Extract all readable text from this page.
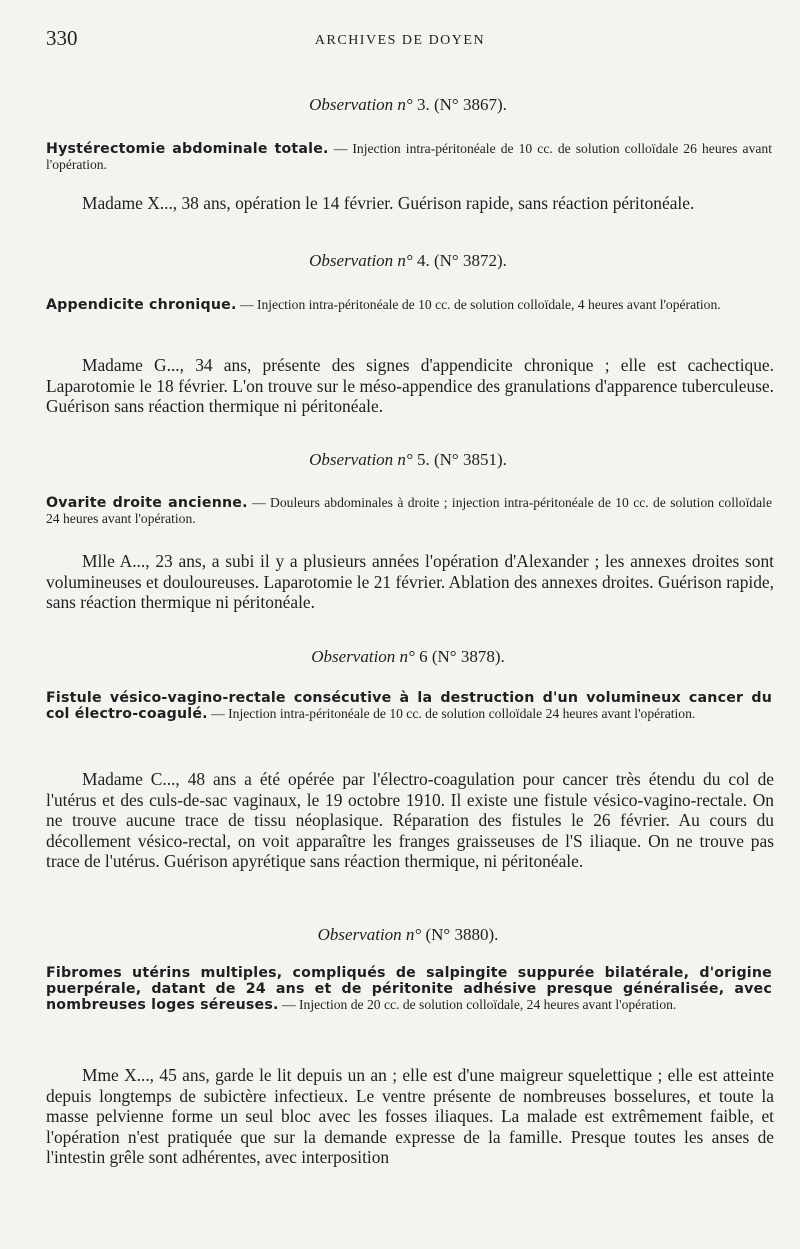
330	ARCHIVES DE DOYEN
Observation n° 3. (N° 3867).
Hystérectomie abdominale totale. — Injection intra-péritonéale de 10 cc. de solution colloïdale 26 heures avant l'opération.
Madame X..., 38 ans, opération le 14 février. Guérison rapide, sans réaction péritonéale.
Observation n° 4. (N° 3872).
Appendicite chronique. — Injection intra-péritonéale de 10 cc. de solution colloïdale, 4 heures avant l'opération.
Madame G..., 34 ans, présente des signes d'appendicite chronique ; elle est cachectique. Laparotomie le 18 février. L'on trouve sur le méso-appendice des granulations d'apparence tuberculeuse. Guérison sans réaction thermique ni péritonéale.
Observation n° 5. (N° 3851).
Ovarite droite ancienne. — Douleurs abdominales à droite ; injection intra-péritonéale de 10 cc. de solution colloïdale 24 heures avant l'opération.
Mlle A..., 23 ans, a subi il y a plusieurs années l'opération d'Alexander ; les annexes droites sont volumineuses et douloureuses. Laparotomie le 21 février. Ablation des annexes droites. Guérison rapide, sans réaction thermique ni péritonéale.
Observation n° 6 (N° 3878).
Fistule vésico-vagino-rectale consécutive à la destruction d'un volumineux cancer du col électro-coagulé. — Injection intra-péritonéale de 10 cc. de solution colloïdale 24 heures avant l'opération.
Madame C..., 48 ans a été opérée par l'électro-coagulation pour cancer très étendu du col de l'utérus et des culs-de-sac vaginaux, le 19 octobre 1910. Il existe une fistule vésico-vagino-rectale. On ne trouve aucune trace de tissu néoplasique. Réparation des fistules le 26 février. Au cours du décollement vésico-rectal, on voit apparaître les franges graisseuses de l'S iliaque. On ne trouve pas trace de l'utérus. Guérison apyrétique sans réaction thermique, ni péritonéale.
Observation n° (N° 3880).
Fibromes utérins multiples, compliqués de salpingite suppurée bilatérale, d'origine puerpérale, datant de 24 ans et de péritonite adhésive presque généralisée, avec nombreuses loges séreuses. — Injection de 20 cc. de solution colloïdale, 24 heures avant l'opération.
Mme X..., 45 ans, garde le lit depuis un an ; elle est d'une maigreur squelettique ; elle est atteinte depuis longtemps de subictère infectieux. Le ventre présente de nombreuses bosselures, et toute la masse pelvienne forme un seul bloc avec les fosses iliaques. La malade est extrêmement faible, et l'opération n'est pratiquée que sur la demande expresse de la famille. Presque toutes les anses de l'intestin grêle sont adhérentes, avec interposition
